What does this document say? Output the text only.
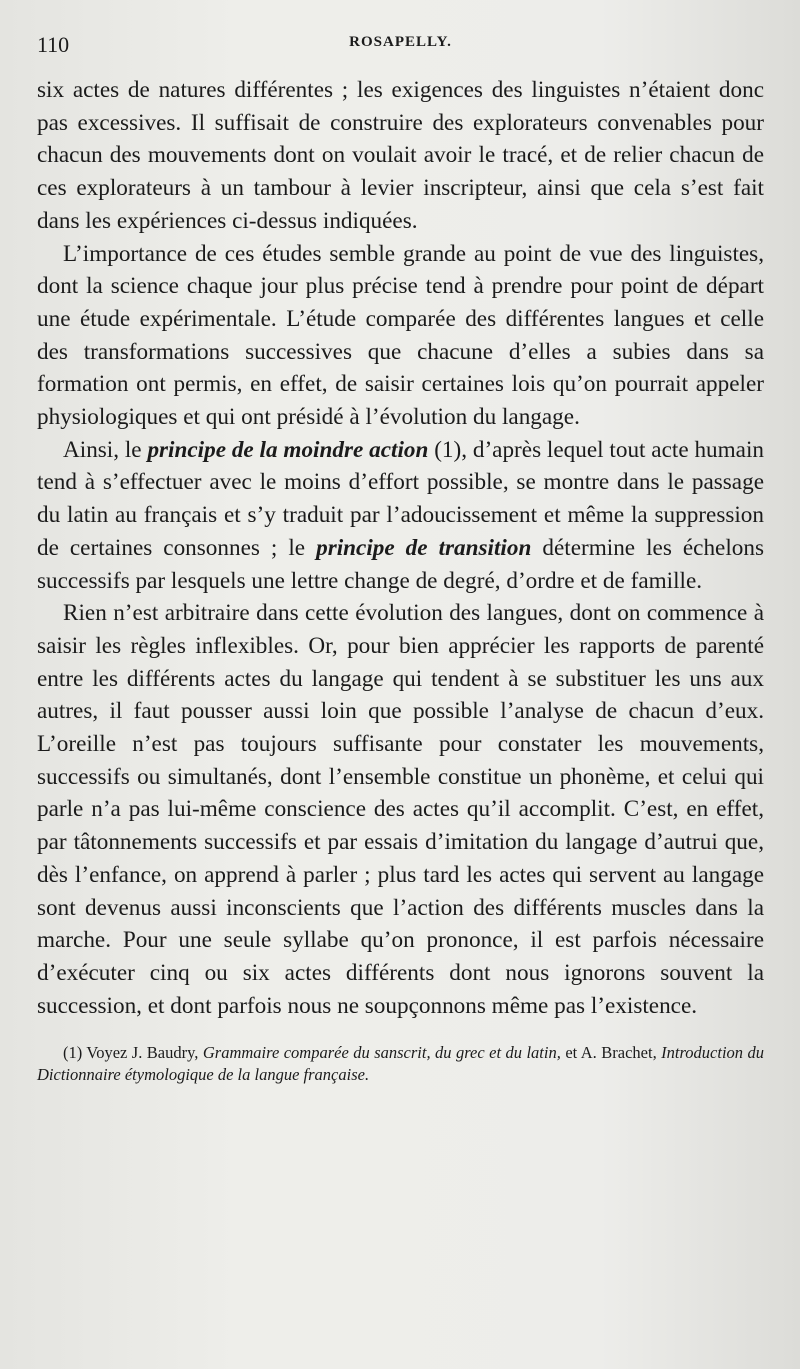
110	ROSAPELLY.

six actes de natures différentes ; les exigences des linguistes n’étaient donc pas excessives. Il suffisait de construire des explorateurs convenables pour chacun des mouvements dont on voulait avoir le tracé, et de relier chacun de ces explorateurs à un tambour à levier inscripteur, ainsi que cela s’est fait dans les expériences ci-dessus indiquées.

L’importance de ces études semble grande au point de vue des linguistes, dont la science chaque jour plus précise tend à prendre pour point de départ une étude expérimentale. L’étude comparée des différentes langues et celle des transformations successives que chacune d’elles a subies dans sa formation ont permis, en effet, de saisir certaines lois qu’on pourrait appeler physiologiques et qui ont présidé à l’évolution du langage.

Ainsi, le principe de la moindre action (1), d’après lequel tout acte humain tend à s’effectuer avec le moins d’effort possible, se montre dans le passage du latin au français et s’y traduit par l’adoucissement et même la suppression de certaines consonnes ; le principe de transition détermine les échelons successifs par lesquels une lettre change de degré, d’ordre et de famille.

Rien n’est arbitraire dans cette évolution des langues, dont on commence à saisir les règles inflexibles. Or, pour bien apprécier les rapports de parenté entre les différents actes du langage qui tendent à se substituer les uns aux autres, il faut pousser aussi loin que possible l’analyse de chacun d’eux. L’oreille n’est pas toujours suffisante pour constater les mouvements, successifs ou simultanés, dont l’ensemble constitue un phonème, et celui qui parle n’a pas lui-même conscience des actes qu’il accomplit. C’est, en effet, par tâtonnements successifs et par essais d’imitation du langage d’autrui que, dès l’enfance, on apprend à parler ; plus tard les actes qui servent au langage sont devenus aussi inconscients que l’action des différents muscles dans la marche. Pour une seule syllabe qu’on prononce, il est parfois nécessaire d’exécuter cinq ou six actes différents dont nous ignorons souvent la succession, et dont parfois nous ne soupçonnons même pas l’existence.

(1) Voyez J. Baudry, Grammaire comparée du sanscrit, du grec et du latin, et A. Brachet, Introduction du Dictionnaire étymologique de la langue française.
